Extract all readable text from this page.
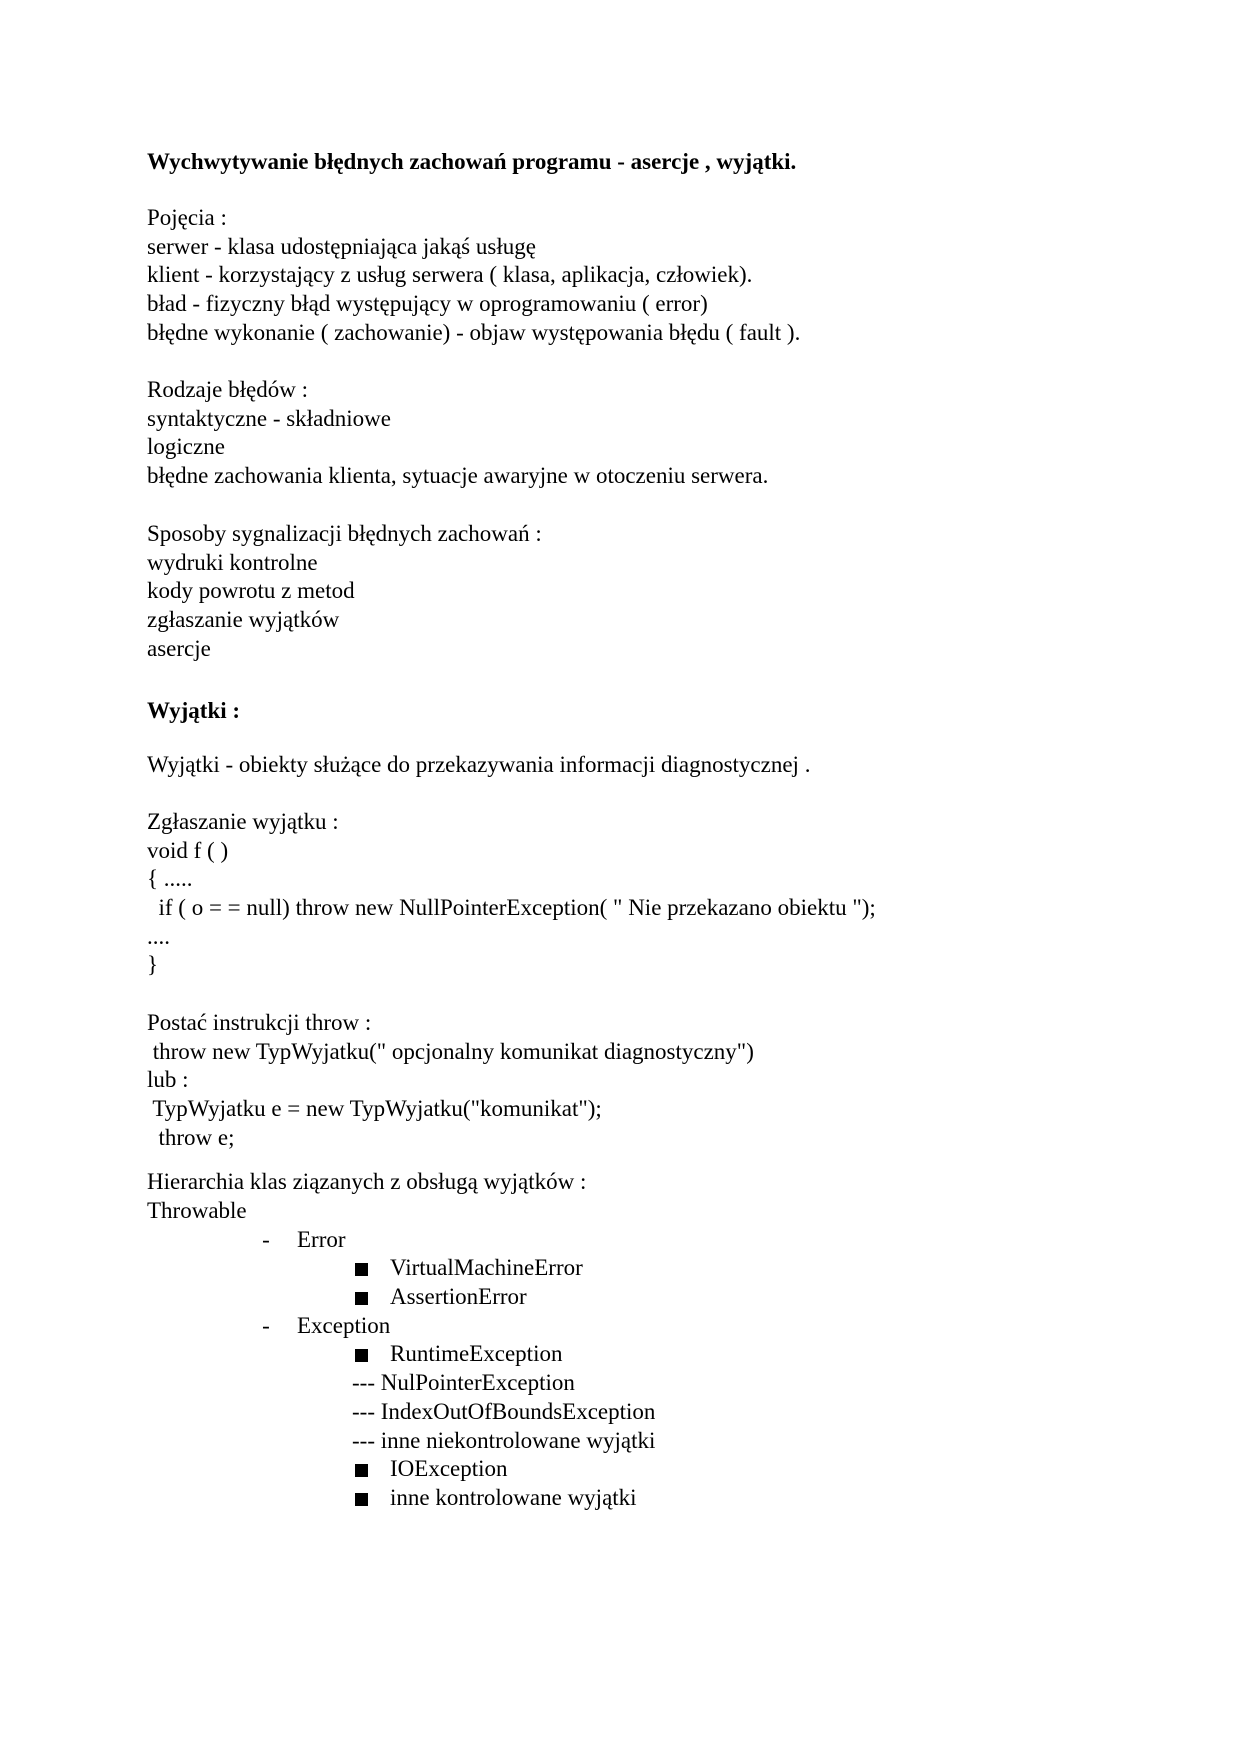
Wychwytywanie błędnych zachowań programu - asercje , wyjątki.
Pojęcia :
serwer - klasa udostępniająca jakąś usługę
klient - korzystający z usług serwera ( klasa, aplikacja, człowiek).
bład - fizyczny błąd występujący w oprogramowaniu ( error)
błędne wykonanie ( zachowanie) - objaw występowania błędu ( fault ).
Rodzaje błędów :
syntaktyczne - składniowe
logiczne
błędne zachowania klienta, sytuacje awaryjne w otoczeniu serwera.
Sposoby sygnalizacji błędnych zachowań :
wydruki kontrolne
kody powrotu z metod
zgłaszanie wyjątków
asercje
Wyjątki :
Wyjątki - obiekty służące do przekazywania informacji diagnostycznej .
Zgłaszanie wyjątku :
void f ( )
{ .....
if ( o = = null) throw new NullPointerException( " Nie przekazano obiektu ");
....
}
Postać instrukcji throw :
throw new TypWyjatku(" opcjonalny komunikat diagnostyczny")
lub :
TypWyjatku e = new TypWyjatku("komunikat");
throw e;
Hierarchia klas ziązanych z obsługą wyjątków :
Throwable
- Error
VirtualMachineError
AssertionError
- Exception
RuntimeException
--- NulPointerException
--- IndexOutOfBoundsException
--- inne niekontrolowane wyjątki
IOException
inne kontrolowane wyjątki
